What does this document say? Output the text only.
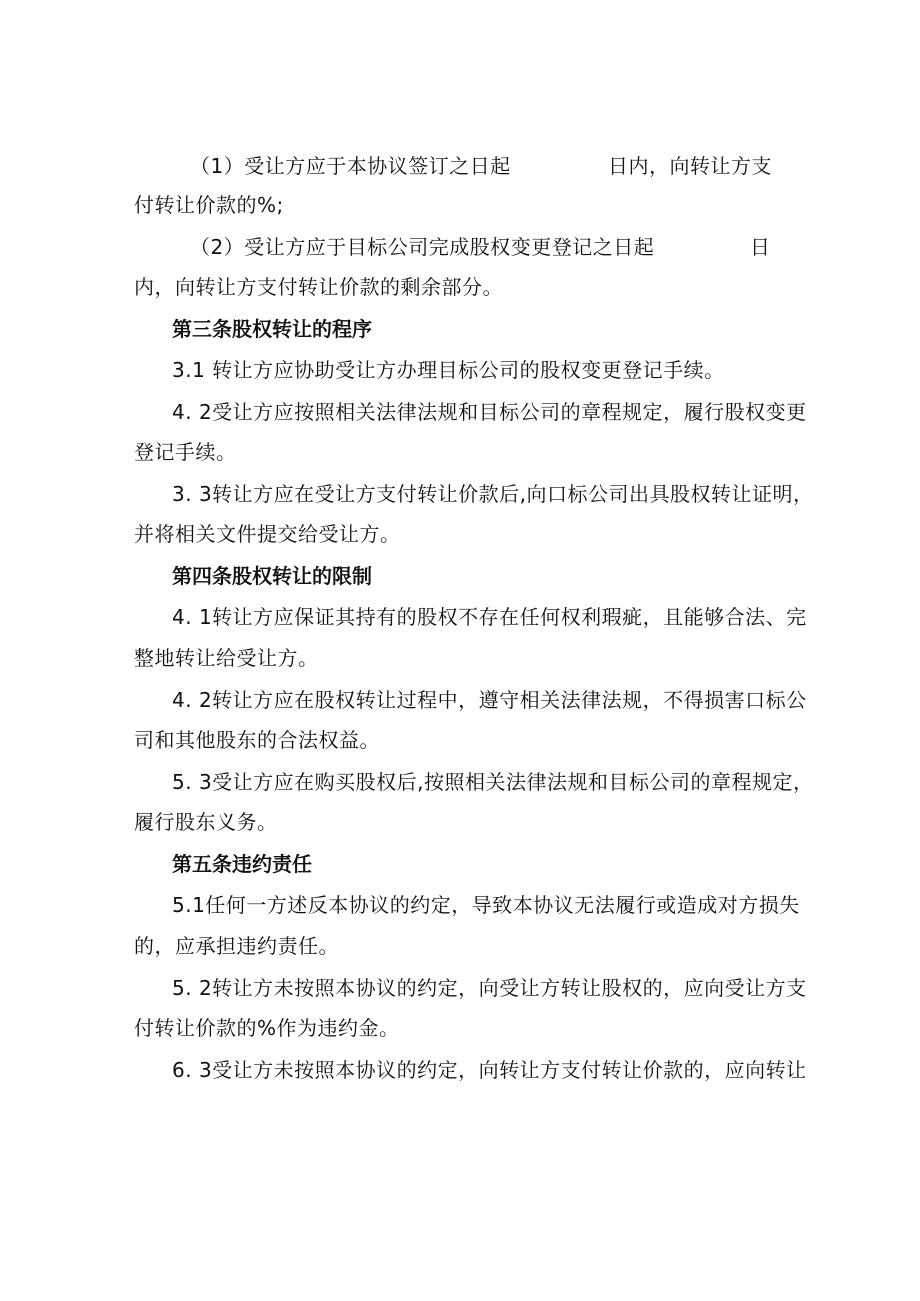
（1）受让方应于本协议签订之日起	日内，向转让方支
付转让价款的%;
（2）受让方应于目标公司完成股权变更登记之日起	日
内，向转让方支付转让价款的剩余部分。
第三条股权转让的程序
3.1 转让方应协助受让方办理目标公司的股权变更登记手续。
4. 2受让方应按照相关法律法规和目标公司的章程规定，履行股权变更
登记手续。
3. 3转让方应在受让方支付转让价款后,向口标公司出具股权转让证明，
并将相关文件提交给受让方。
第四条股权转让的限制
4. 1转让方应保证其持有的股权不存在任何权利瑕疵，且能够合法、完
整地转让给受让方。
4. 2转让方应在股权转让过程中，遵守相关法律法规，不得损害口标公
司和其他股东的合法权益。
5. 3受让方应在购买股权后,按照相关法律法规和目标公司的章程规定，
履行股东义务。
第五条违约责任
5.1任何一方述反本协议的约定，导致本协议无法履行或造成对方损失
的，应承担违约责任。
5. 2转让方未按照本协议的约定，向受让方转让股权的，应向受让方支
付转让价款的%作为违约金。
6. 3受让方未按照本协议的约定，向转让方支付转让价款的，应向转让
